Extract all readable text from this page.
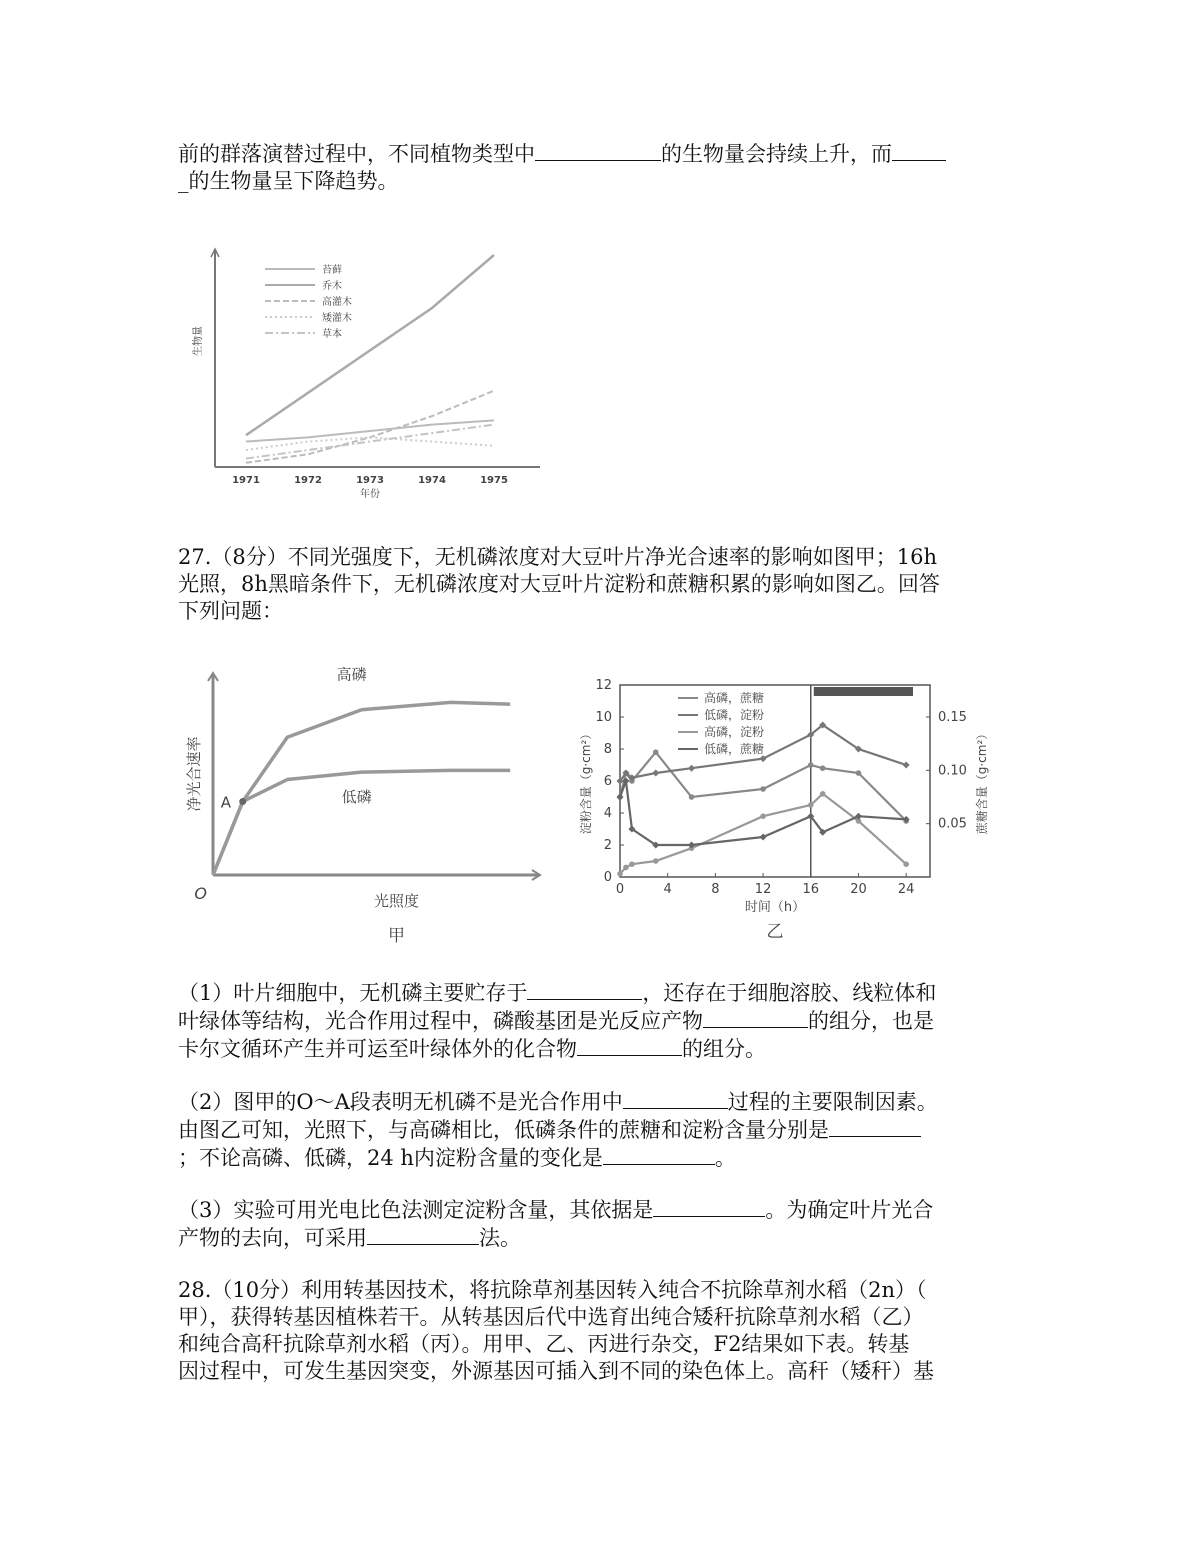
前的群落演替过程中，不同植物类型中	的生物量会持续上升，而
_的生物量呈下降趋势。

1971	1972	1973	1974	1975
年份
生物量
苔藓
乔木
高灌木
矮灌木
草本

27.（8分）不同光强度下，无机磷浓度对大豆叶片净光合速率的影响如图甲；16h
光照，8h黑暗条件下，无机磷浓度对大豆叶片淀粉和蔗糖积累的影响如图乙。回答
下列问题：

O	光照度
净光合速率
高磷
低磷
A
甲
0	4	8	12 16 20 24
0
2
4
6
8
10
12
0.05
0.10
0.15
时间（h）
淀粉含量（g·cm²）	蔗糖含量（g·cm²）
高磷，蔗糖
低磷，淀粉
高磷，淀粉
低磷，蔗糖
乙

（1）叶片细胞中，无机磷主要贮存于	，还存在于细胞溶胶、线粒体和
叶绿体等结构，光合作用过程中，磷酸基团是光反应产物	的组分，也是
卡尔文循环产生并可运至叶绿体外的化合物	的组分。

（2）图甲的O～A段表明无机磷不是光合作用中	过程的主要限制因素。
由图乙可知，光照下，与高磷相比，低磷条件的蔗糖和淀粉含量分别是
；不论高磷、低磷，24 h内淀粉含量的变化是	。

（3）实验可用光电比色法测定淀粉含量，其依据是	。为确定叶片光合
产物的去向，可采用	法。

28.（10分）利用转基因技术，将抗除草剂基因转入纯合不抗除草剂水稻（2n）（
甲），获得转基因植株若干。从转基因后代中选育出纯合矮秆抗除草剂水稻（乙）
和纯合高秆抗除草剂水稻（丙）。用甲、乙、丙进行杂交，F2结果如下表。转基
因过程中，可发生基因突变，外源基因可插入到不同的染色体上。高秆（矮秆）基
